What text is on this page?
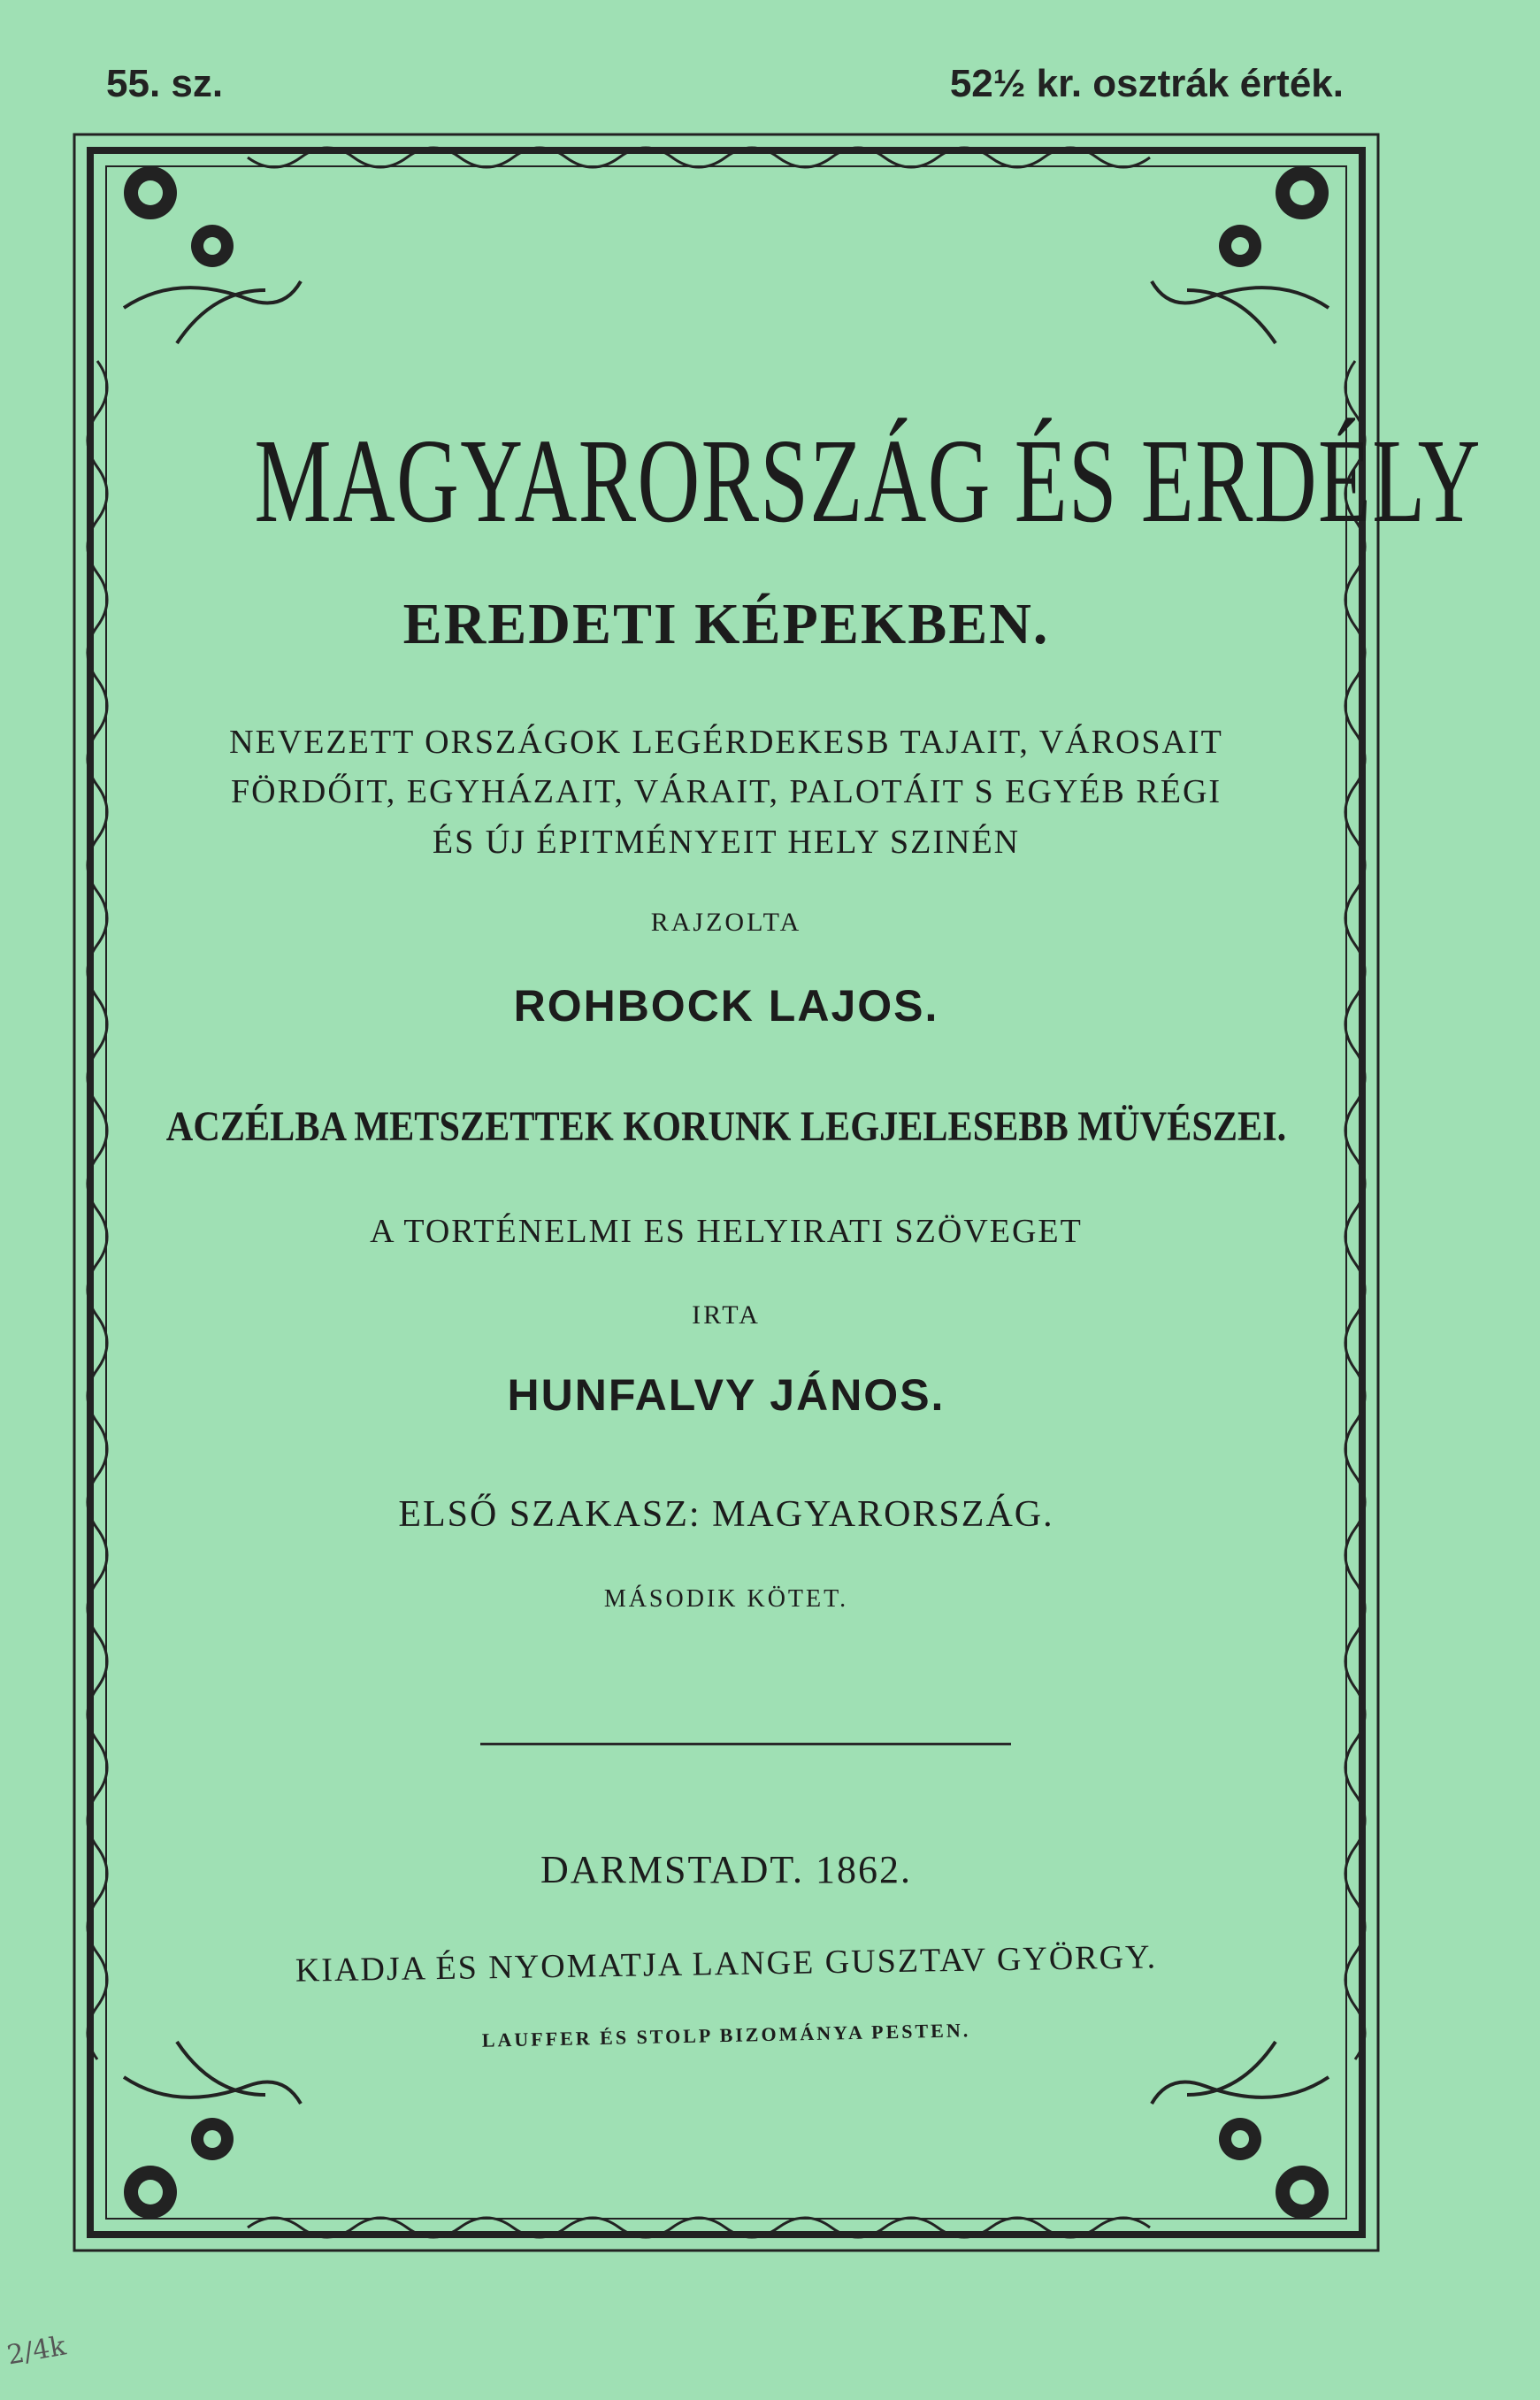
55. sz.	52½ kr. osztrák érték.
MAGYARORSZÁG ÉS ERDÉLY
EREDETI KÉPEKBEN.
NEVEZETT ORSZÁGOK LEGÉRDEKESB TAJAIT, VÁROSAIT
FÖRDŐIT, EGYHÁZAIT, VÁRAIT, PALOTÁIT S EGYÉB RÉGI
ÉS ÚJ ÉPITMÉNYEIT HELY SZINÉN
RAJZOLTA
ROHBOCK LAJOS.
ACZÉLBA METSZETTEK KORUNK LEGJELESEBB MÜVÉSZEI.
A TORTÉNELMI ES HELYIRATI SZÖVEGET
IRTA
HUNFALVY JÁNOS.
ELSŐ SZAKASZ: MAGYARORSZÁG.
MÁSODIK KÖTET.
DARMSTADT. 1862.
KIADJA ÉS NYOMATJA LANGE GUSZTAV GYÖRGY.
LAUFFER ÉS STOLP BIZOMÁNYA PESTEN.
2/4k
